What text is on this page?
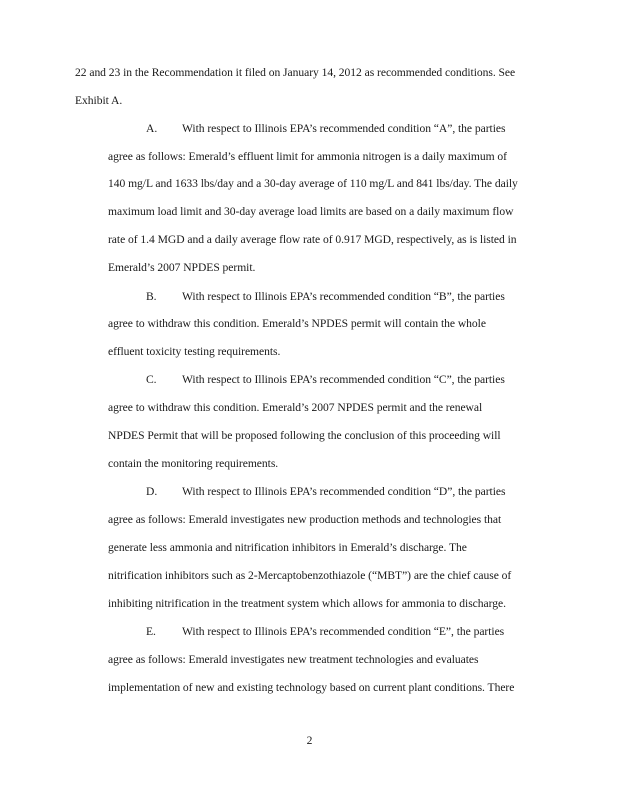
22 and 23 in the Recommendation it filed on January 14, 2012 as recommended conditions. See
Exhibit A.
A. With respect to Illinois EPA’s recommended condition “A”, the parties
agree as follows: Emerald’s effluent limit for ammonia nitrogen is a daily maximum of
140 mg/L and 1633 lbs/day and a 30-day average of 110 mg/L and 841 lbs/day. The daily
maximum load limit and 30-day average load limits are based on a daily maximum flow
rate of 1.4 MGD and a daily average flow rate of 0.917 MGD, respectively, as is listed in
Emerald’s 2007 NPDES permit.
B. With respect to Illinois EPA’s recommended condition “B”, the parties
agree to withdraw this condition. Emerald’s NPDES permit will contain the whole
effluent toxicity testing requirements.
C. With respect to Illinois EPA’s recommended condition “C”, the parties
agree to withdraw this condition. Emerald’s 2007 NPDES permit and the renewal
NPDES Permit that will be proposed following the conclusion of this proceeding will
contain the monitoring requirements.
D. With respect to Illinois EPA’s recommended condition “D”, the parties
agree as follows: Emerald investigates new production methods and technologies that
generate less ammonia and nitrification inhibitors in Emerald’s discharge. The
nitrification inhibitors such as 2-Mercaptobenzothiazole (“MBT”) are the chief cause of
inhibiting nitrification in the treatment system which allows for ammonia to discharge.
E. With respect to Illinois EPA’s recommended condition “E”, the parties
agree as follows: Emerald investigates new treatment technologies and evaluates
implementation of new and existing technology based on current plant conditions. There
2
